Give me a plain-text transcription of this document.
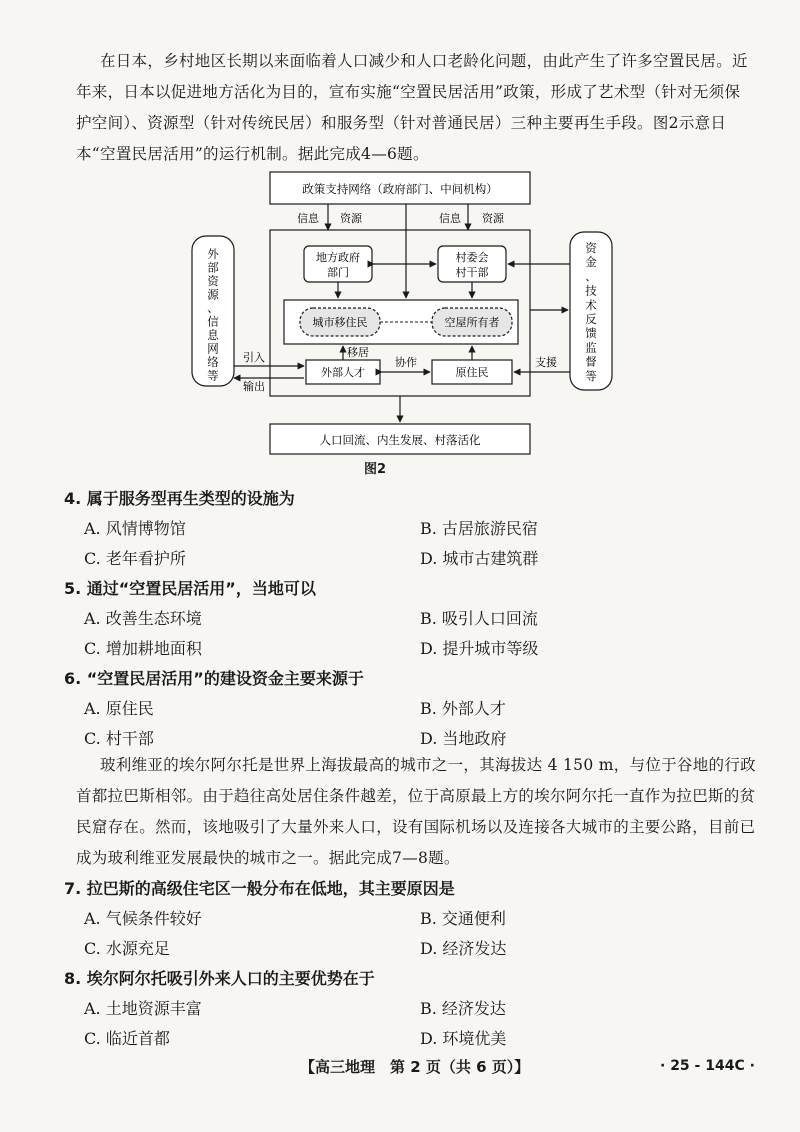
在日本，乡村地区长期以来面临着人口减少和人口老龄化问题，由此产生了许多空置民居。近年来，日本以促进地方活化为目的，宣布实施“空置民居活用”政策，形成了艺术型（针对无须保护空间）、资源型（针对传统民居）和服务型（针对普通民居）三种主要再生手段。图2示意日本“空置民居活用”的运行机制。据此完成4—6题。
政策支持网络（政府部门、中间机构）
信息 资源	信息 资源
地方政府
部门
村委会
村干部
城市移住民	空屋所有者
外部人才	原住民
移居
协作
外部资源、信息网络等
引入
输出
资金、技术反馈监督等
支援
人口回流、内生发展、村落活化
图2
4. 属于服务型再生类型的设施为
A. 风情博物馆	B. 古居旅游民宿
C. 老年看护所	D. 城市古建筑群
5. 通过“空置民居活用”，当地可以
A. 改善生态环境	B. 吸引人口回流
C. 增加耕地面积	D. 提升城市等级
6. “空置民居活用”的建设资金主要来源于
A. 原住民	B. 外部人才
C. 村干部	D. 当地政府
玻利维亚的埃尔阿尔托是世界上海拔最高的城市之一，其海拔达 4 150 m，与位于谷地的行政首都拉巴斯相邻。由于趋往高处居住条件越差，位于高原最上方的埃尔阿尔托一直作为拉巴斯的贫民窟存在。然而，该地吸引了大量外来人口，设有国际机场以及连接各大城市的主要公路，目前已成为玻利维亚发展最快的城市之一。据此完成7—8题。
7. 拉巴斯的高级住宅区一般分布在低地，其主要原因是
A. 气候条件较好	B. 交通便利
C. 水源充足	D. 经济发达
8. 埃尔阿尔托吸引外来人口的主要优势在于
A. 土地资源丰富	B. 经济发达
C. 临近首都	D. 环境优美
【高三地理　第 2 页（共 6 页）】	· 25 - 144C ·
